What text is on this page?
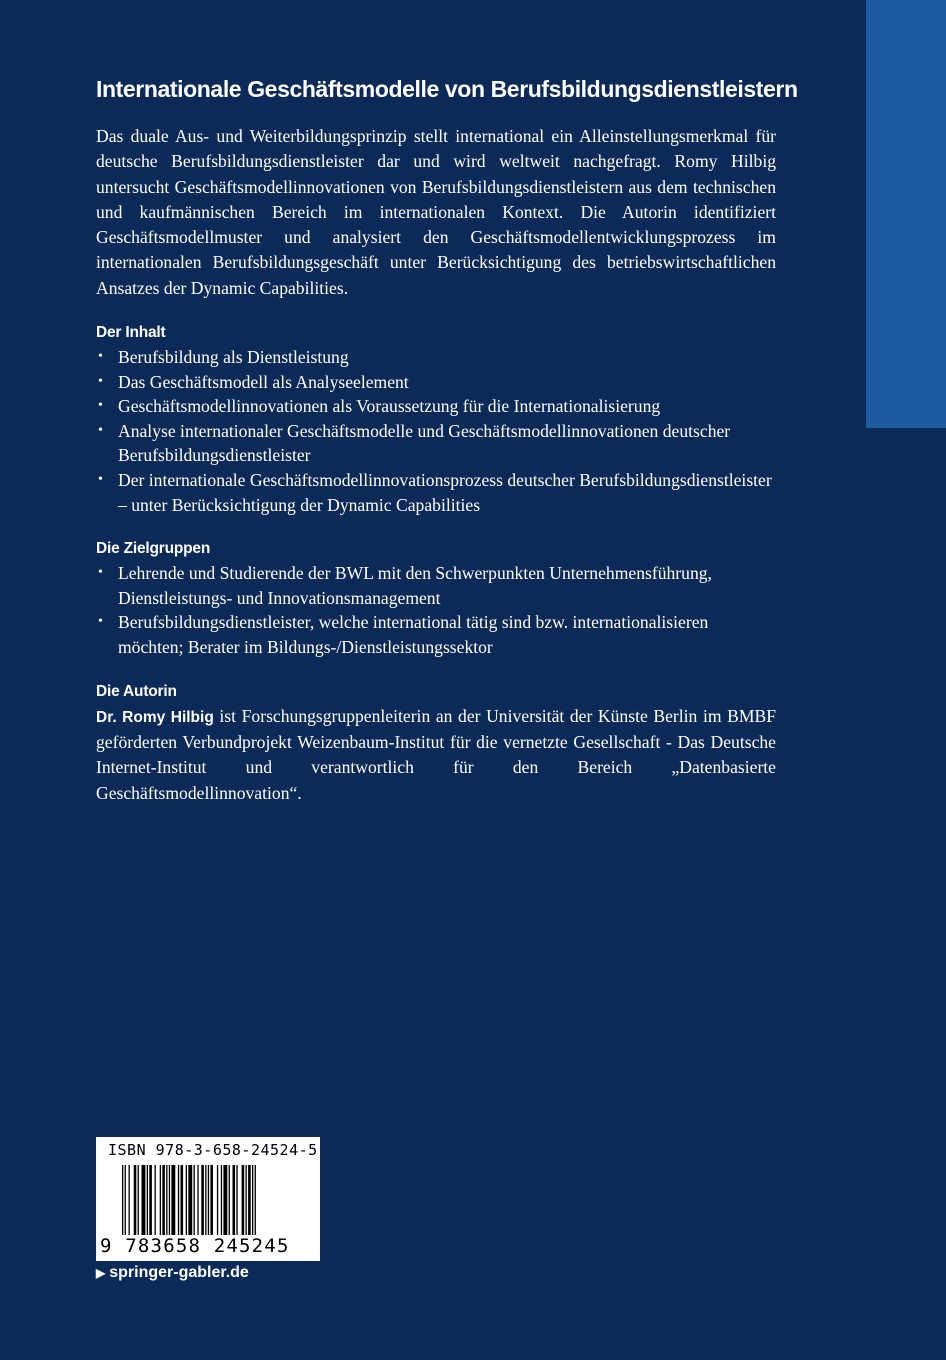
Internationale Geschäftsmodelle von Berufsbildungsdienstleistern

Das duale Aus- und Weiterbildungsprinzip stellt international ein Alleinstellungsmerkmal für deutsche Berufsbildungsdienstleister dar und wird weltweit nachgefragt. Romy Hilbig untersucht Geschäftsmodellinnovationen von Berufsbildungsdienstleistern aus dem technischen und kaufmännischen Bereich im internationalen Kontext. Die Autorin identifiziert Geschäftsmodellmuster und analysiert den Geschäftsmodellentwicklungsprozess im internationalen Berufsbildungsgeschäft unter Berücksichtigung des betriebswirtschaftlichen Ansatzes der Dynamic Capabilities.

Der Inhalt
• Berufsbildung als Dienstleistung
• Das Geschäftsmodell als Analyseelement
• Geschäftsmodellinnovationen als Voraussetzung für die Internationalisierung
• Analyse internationaler Geschäftsmodelle und Geschäftsmodellinnovationen deutscher Berufsbildungsdienstleister
• Der internationale Geschäftsmodellinnovationsprozess deutscher Berufsbildungsdienstleister – unter Berücksichtigung der Dynamic Capabilities
Die Zielgruppen
• Lehrende und Studierende der BWL mit den Schwerpunkten Unternehmensführung, Dienstleistungs- und Innovationsmanagement
• Berufsbildungsdienstleister, welche international tätig sind bzw. internationalisieren möchten; Berater im Bildungs-/Dienstleistungssektor
Die Autorin

Dr. Romy Hilbig ist Forschungsgruppenleiterin an der Universität der Künste Berlin im BMBF geförderten Verbundprojekt Weizenbaum-Institut für die vernetzte Gesellschaft - Das Deutsche Internet-Institut und verantwortlich für den Bereich „Datenbasierte Geschäftsmodellinnovation“.

ISBN 978-3-658-24524-5
9 783658 245245
▶ springer-gabler.de
